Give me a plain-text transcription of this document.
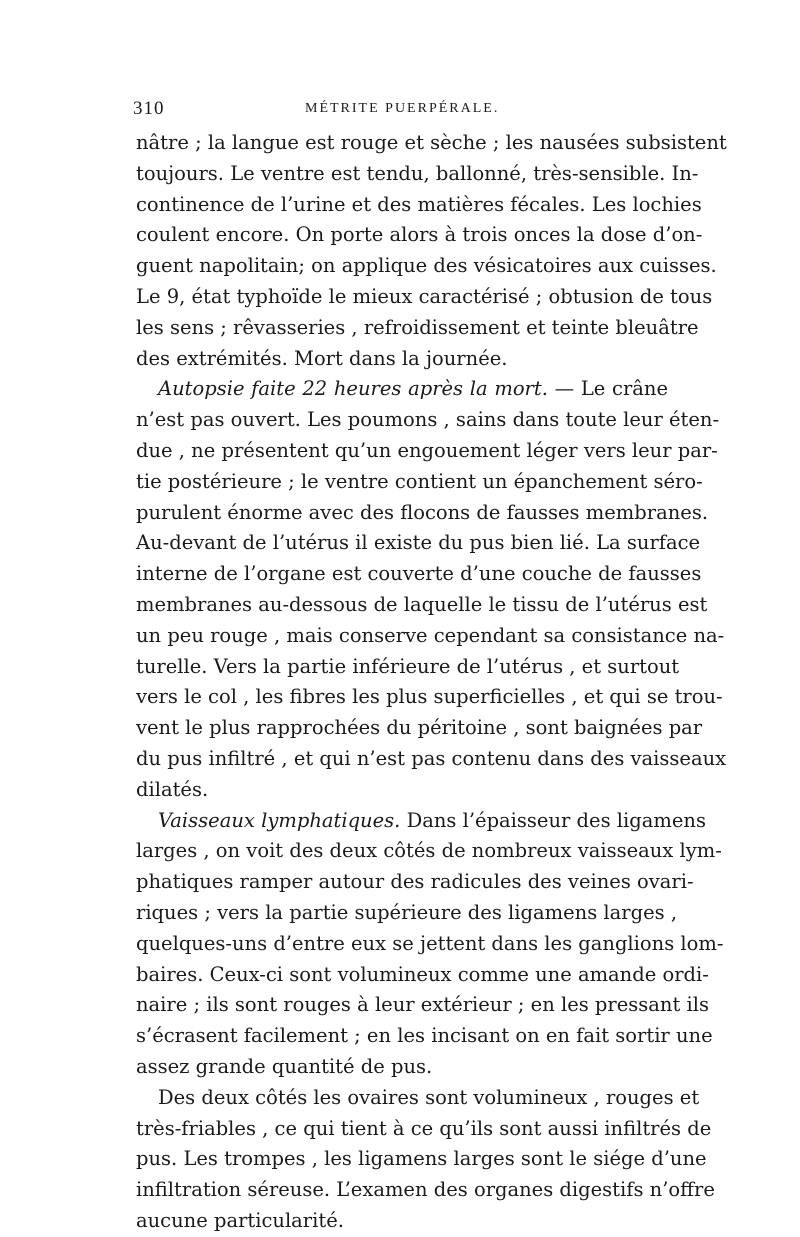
310	MÉTRITE PUERPÉRALE.
nâtre ; la langue est rouge et sèche ; les nausées subsistent
toujours. Le ventre est tendu, ballonné, très-sensible. In-
continence de l’urine et des matières fécales. Les lochies
coulent encore. On porte alors à trois onces la dose d’on-
guent napolitain; on applique des vésicatoires aux cuisses.
Le 9, état typhoïde le mieux caractérisé ; obtusion de tous
les sens ; rêvasseries , refroidissement et teinte bleuâtre
des extrémités. Mort dans la journée.
Autopsie faite 22 heures après la mort. — Le crâne
n’est pas ouvert. Les poumons , sains dans toute leur éten-
due , ne présentent qu’un engouement léger vers leur par-
tie postérieure ; le ventre contient un épanchement séro-
purulent énorme avec des flocons de fausses membranes.
Au-devant de l’utérus il existe du pus bien lié. La surface
interne de l’organe est couverte d’une couche de fausses
membranes au-dessous de laquelle le tissu de l’utérus est
un peu rouge , mais conserve cependant sa consistance na-
turelle. Vers la partie inférieure de l’utérus , et surtout
vers le col , les fibres les plus superficielles , et qui se trou-
vent le plus rapprochées du péritoine , sont baignées par
du pus infiltré , et qui n’est pas contenu dans des vaisseaux
dilatés.
Vaisseaux lymphatiques. Dans l’épaisseur des ligamens
larges , on voit des deux côtés de nombreux vaisseaux lym-
phatiques ramper autour des radicules des veines ovari-
riques ; vers la partie supérieure des ligamens larges ,
quelques-uns d’entre eux se jettent dans les ganglions lom-
baires. Ceux-ci sont volumineux comme une amande ordi-
naire ; ils sont rouges à leur extérieur ; en les pressant ils
s’écrasent facilement ; en les incisant on en fait sortir une
assez grande quantité de pus.
Des deux côtés les ovaires sont volumineux , rouges et
très-friables , ce qui tient à ce qu’ils sont aussi infiltrés de
pus. Les trompes , les ligamens larges sont le siége d’une
infiltration séreuse. L’examen des organes digestifs n’offre
aucune particularité.
